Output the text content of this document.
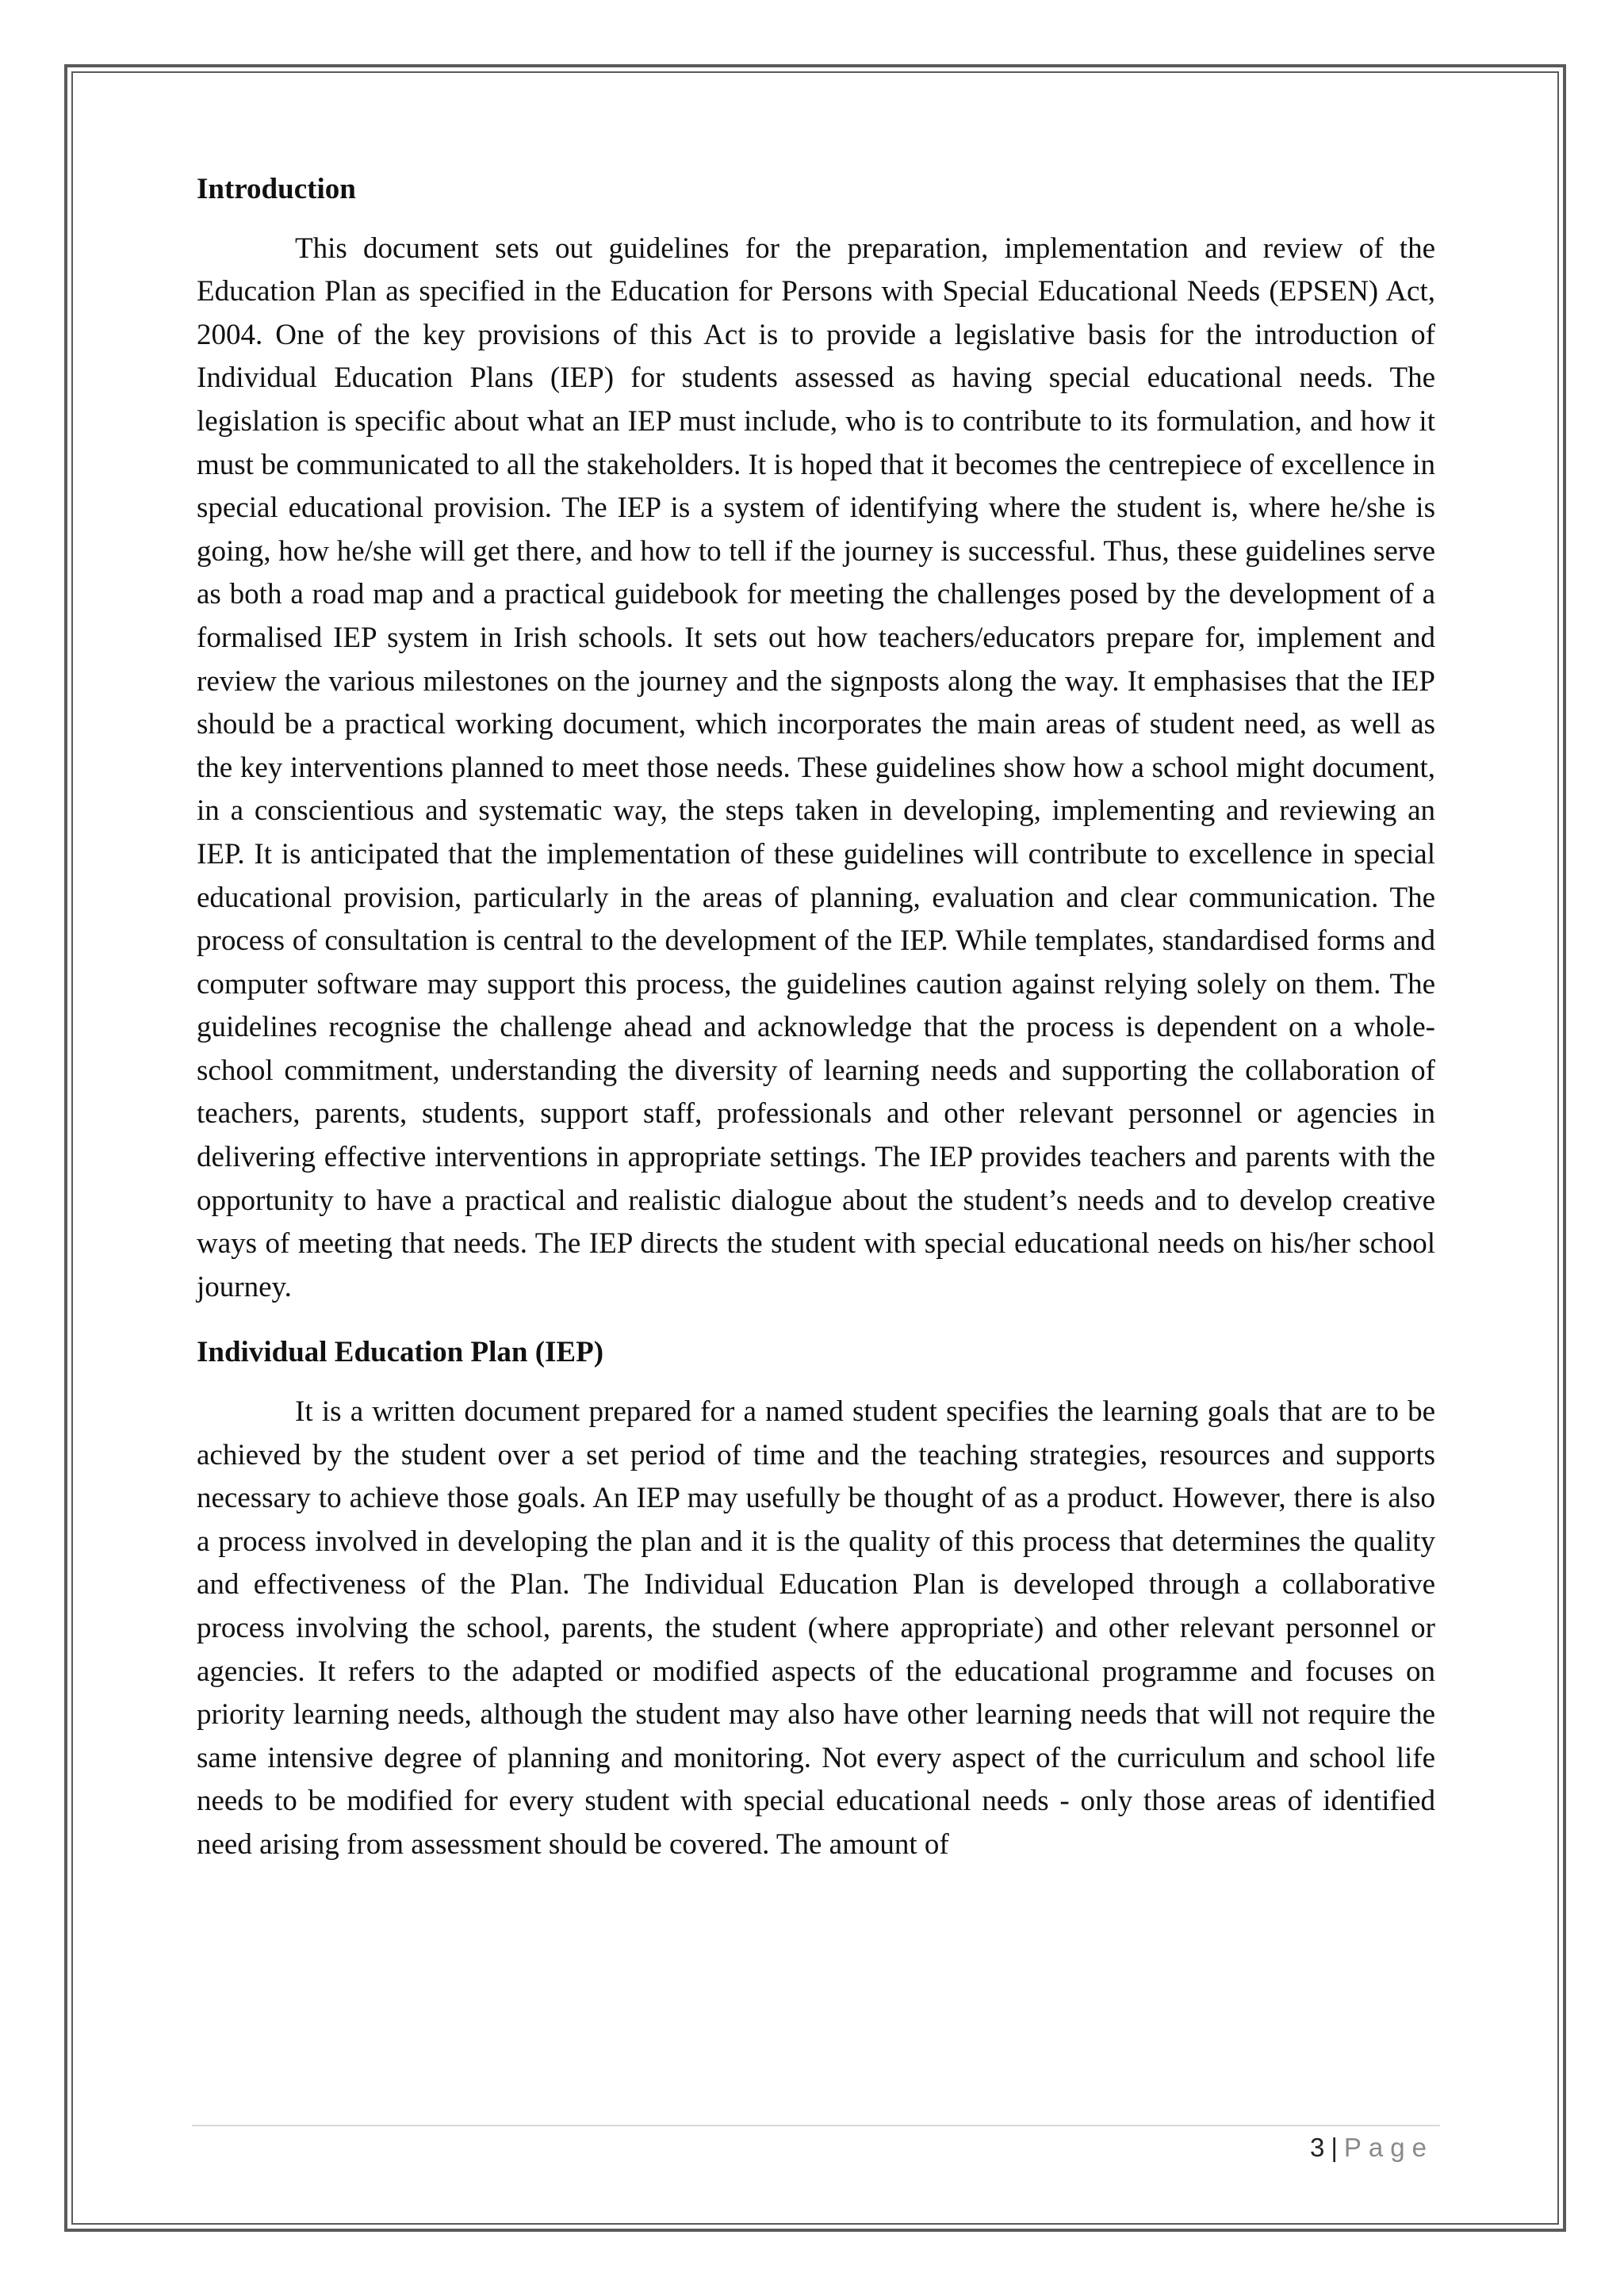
Introduction

This document sets out guidelines for the preparation, implementation and review of the Education Plan as specified in the Education for Persons with Special Educational Needs (EPSEN) Act, 2004. One of the key provisions of this Act is to provide a legislative basis for the introduction of Individual Education Plans (IEP) for students assessed as having special educational needs. The legislation is specific about what an IEP must include, who is to contribute to its formulation, and how it must be communicated to all the stakeholders. It is hoped that it becomes the centrepiece of excellence in special educational provision. The IEP is a system of identifying where the student is, where he/she is going, how he/she will get there, and how to tell if the journey is successful. Thus, these guidelines serve as both a road map and a practical guidebook for meeting the challenges posed by the development of a formalised IEP system in Irish schools. It sets out how teachers/educators prepare for, implement and review the various milestones on the journey and the signposts along the way. It emphasises that the IEP should be a practical working document, which incorporates the main areas of student need, as well as the key interventions planned to meet those needs. These guidelines show how a school might document, in a conscientious and systematic way, the steps taken in developing, implementing and reviewing an IEP. It is anticipated that the implementation of these guidelines will contribute to excellence in special educational provision, particularly in the areas of planning, evaluation and clear communication. The process of consultation is central to the development of the IEP. While templates, standardised forms and computer software may support this process, the guidelines caution against relying solely on them. The guidelines recognise the challenge ahead and acknowledge that the process is dependent on a whole-school commitment, understanding the diversity of learning needs and supporting the collaboration of teachers, parents, students, support staff, professionals and other relevant personnel or agencies in delivering effective interventions in appropriate settings. The IEP provides teachers and parents with the opportunity to have a practical and realistic dialogue about the student’s needs and to develop creative ways of meeting that needs. The IEP directs the student with special educational needs on his/her school journey.

Individual Education Plan (IEP)

It is a written document prepared for a named student specifies the learning goals that are to be achieved by the student over a set period of time and the teaching strategies, resources and supports necessary to achieve those goals. An IEP may usefully be thought of as a product. However, there is also a process involved in developing the plan and it is the quality of this process that determines the quality and effectiveness of the Plan. The Individual Education Plan is developed through a collaborative process involving the school, parents, the student (where appropriate) and other relevant personnel or agencies. It refers to the adapted or modified aspects of the educational programme and focuses on priority learning needs, although the student may also have other learning needs that will not require the same intensive degree of planning and monitoring. Not every aspect of the curriculum and school life needs to be modified for every student with special educational needs - only those areas of identified need arising from assessment should be covered. The amount of

3 | Page
